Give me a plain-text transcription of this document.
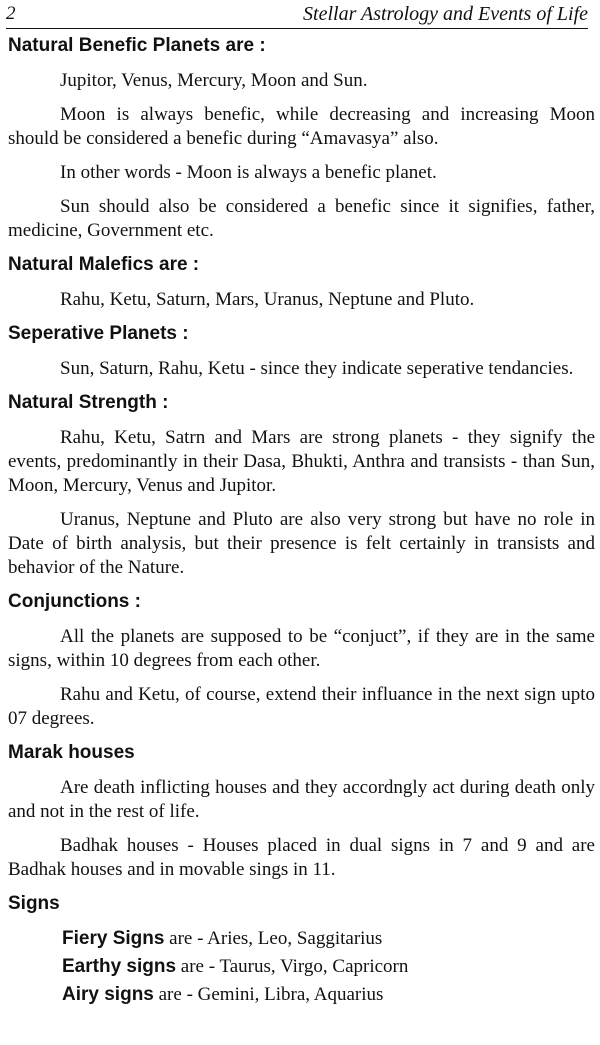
2	Stellar Astrology and Events of Life
Natural Benefic Planets are :

Jupitor, Venus, Mercury, Moon and Sun.

Moon is always benefic, while decreasing and increasing Moon should be considered a benefic during “Amavasya” also.

In other words - Moon is always a benefic planet.

Sun should also be considered a benefic since it signifies, father, medicine, Government etc.

Natural Malefics are :

Rahu, Ketu, Saturn, Mars, Uranus, Neptune and Pluto.

Seperative Planets :

Sun, Saturn, Rahu, Ketu - since they indicate seperative tendancies.

Natural Strength :

Rahu, Ketu, Satrn and Mars are strong planets - they signify the events, predominantly in their Dasa, Bhukti, Anthra and transists - than Sun, Moon, Mercury, Venus and Jupitor.

Uranus, Neptune and Pluto are also very strong but have no role in Date of birth analysis, but their presence is felt certainly in transists and behavior of the Nature.

Conjunctions :

All the planets are supposed to be “conjuct”, if they are in the same signs, within 10 degrees from each other.

Rahu and Ketu, of course, extend their influance in the next sign upto 07 degrees.

Marak houses

Are death inflicting houses and they accordngly act during death only and not in the rest of life.

Badhak houses - Houses placed in dual signs in 7 and 9 and are Badhak houses and in movable sings in 11.

Signs
Fiery Signs are - Aries, Leo, Saggitarius
Earthy signs are - Taurus, Virgo, Capricorn
Airy signs are - Gemini, Libra, Aquarius
